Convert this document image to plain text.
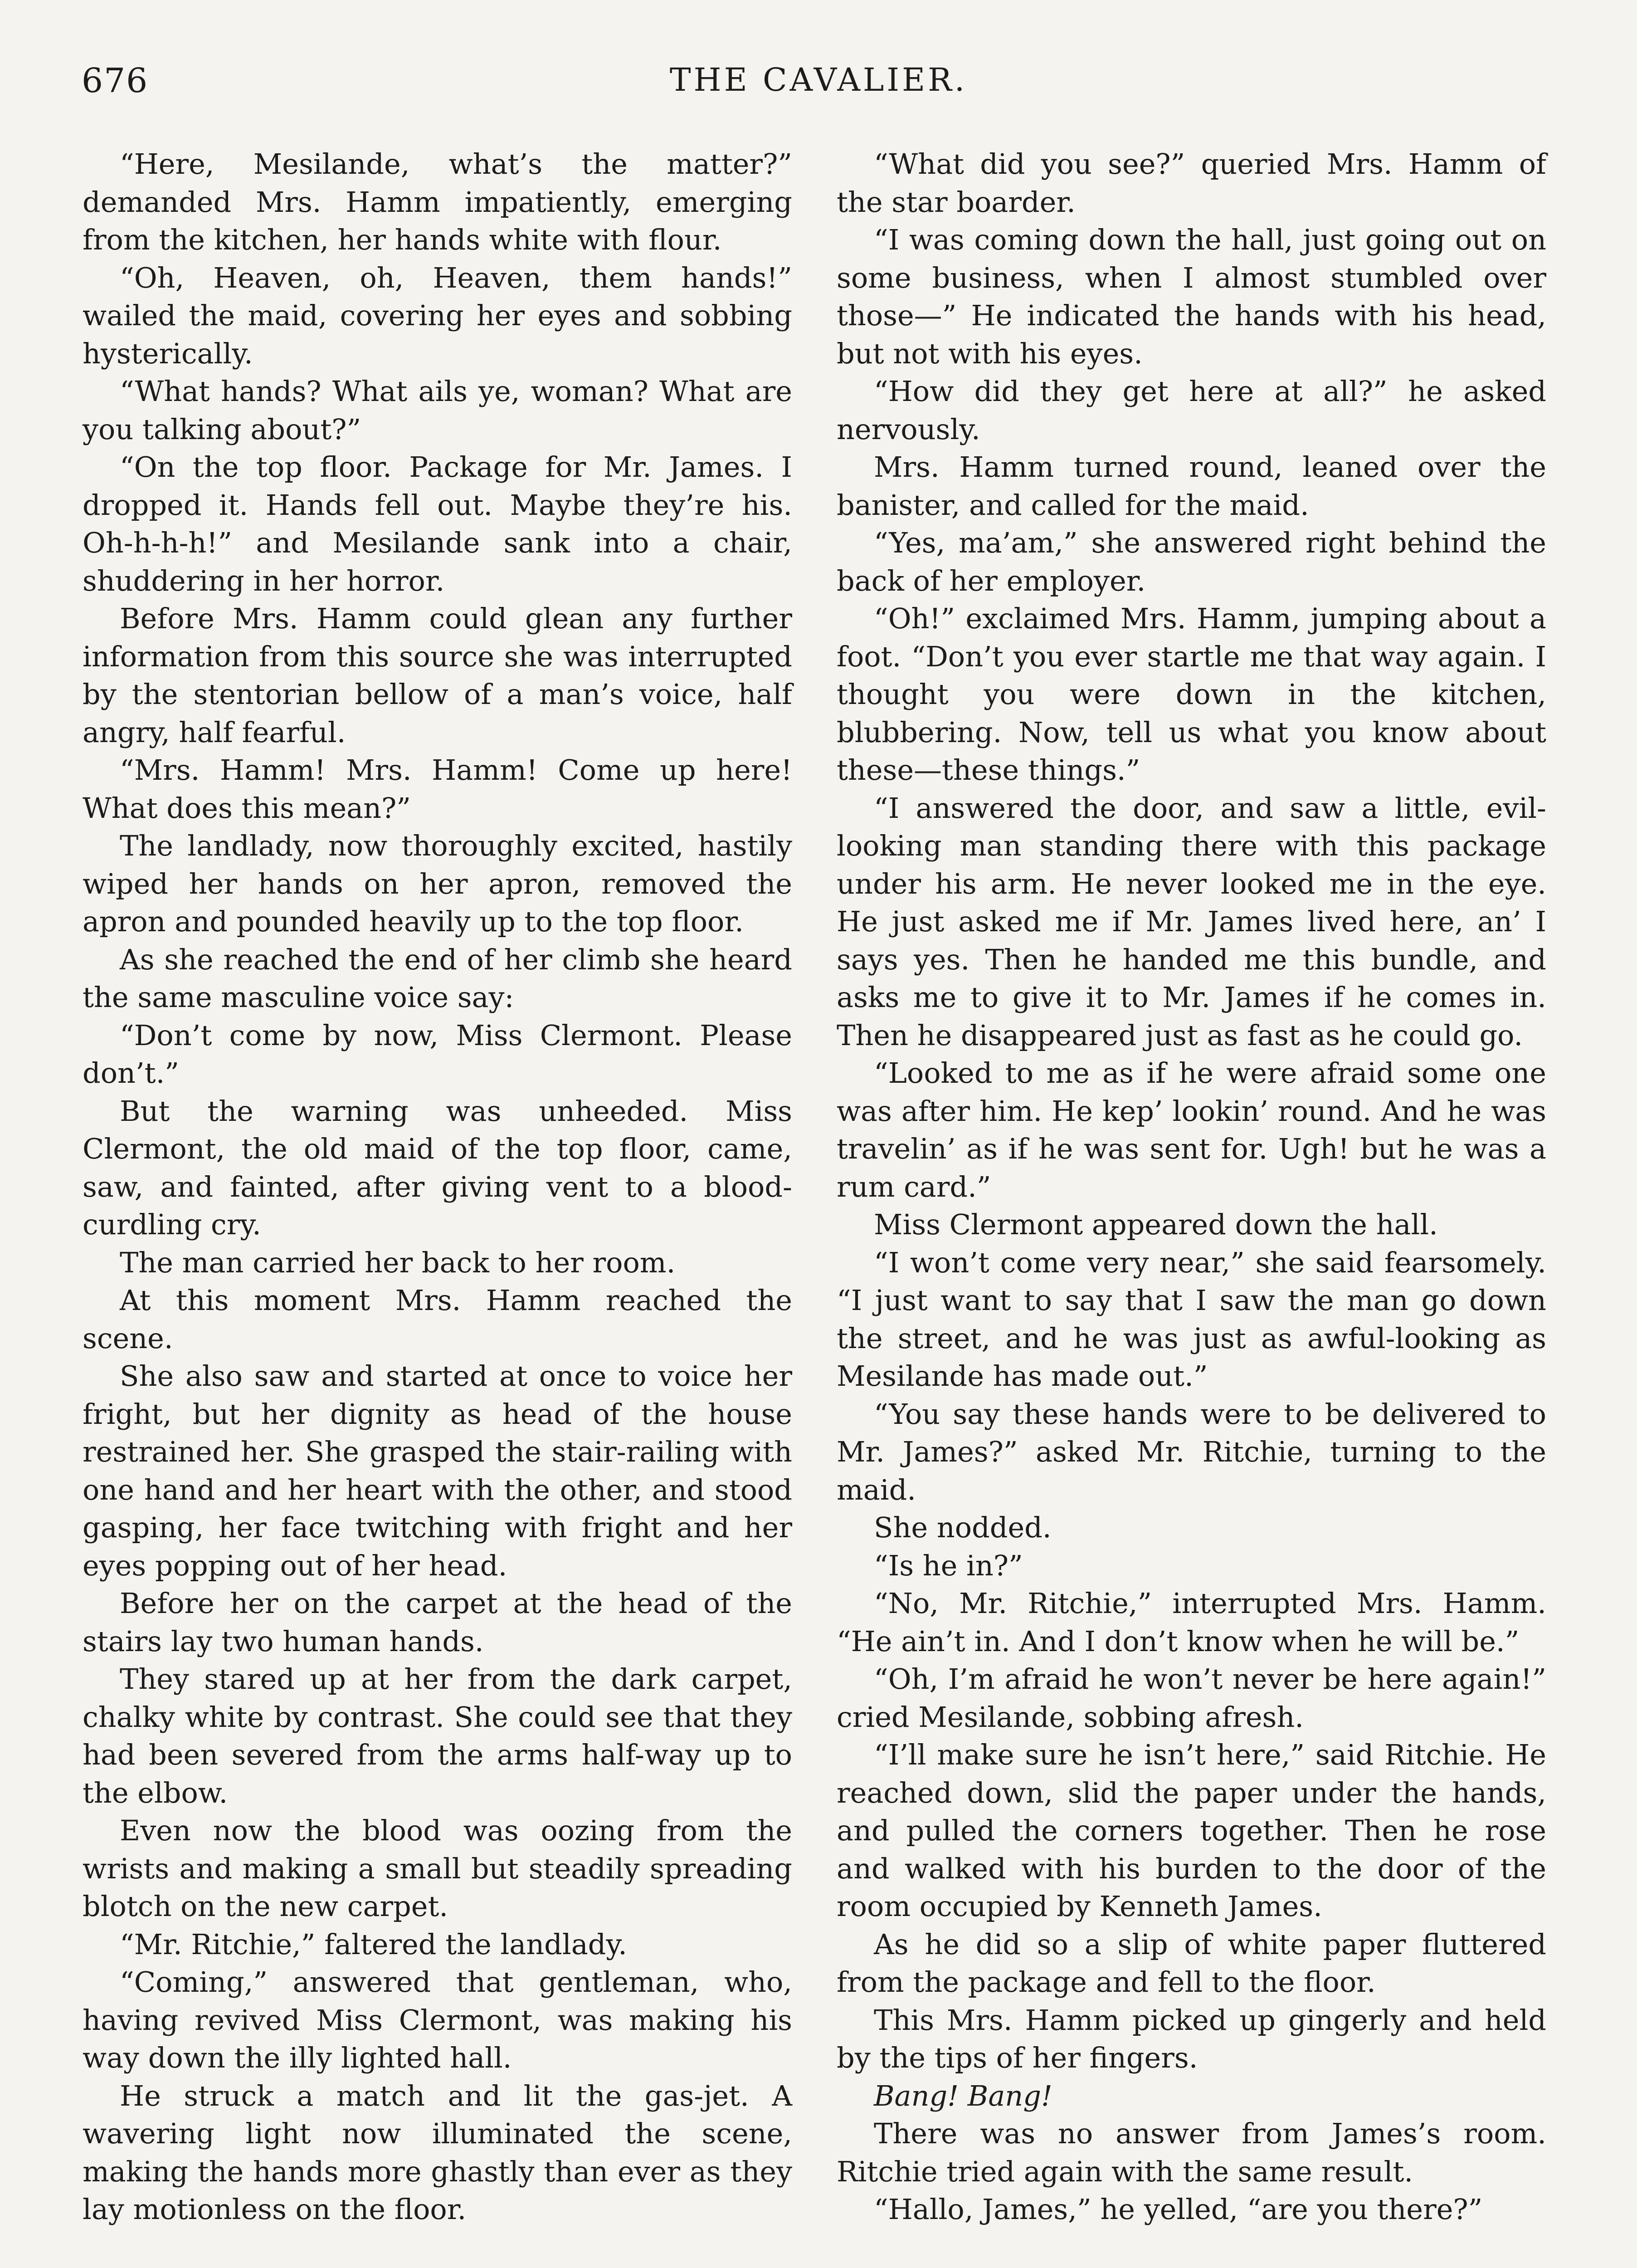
676	THE CAVALIER.

“Here, Mesilande, what’s the matter?” demanded Mrs. Hamm impatiently, emerging from the kitchen, her hands white with flour.

“Oh, Heaven, oh, Heaven, them hands!” wailed the maid, covering her eyes and sobbing hysterically.

“What hands? What ails ye, woman? What are you talking about?”

“On the top floor. Package for Mr. James. I dropped it. Hands fell out. Maybe they’re his. Oh-h-h-h!” and Mesilande sank into a chair, shuddering in her horror.

Before Mrs. Hamm could glean any further information from this source she was interrupted by the stentorian bellow of a man’s voice, half angry, half fearful.

“Mrs. Hamm! Mrs. Hamm! Come up here! What does this mean?”

The landlady, now thoroughly excited, hastily wiped her hands on her apron, removed the apron and pounded heavily up to the top floor.

As she reached the end of her climb she heard the same masculine voice say:

“Don’t come by now, Miss Clermont. Please don’t.”

But the warning was unheeded. Miss Clermont, the old maid of the top floor, came, saw, and fainted, after giving vent to a blood-curdling cry.

The man carried her back to her room.

At this moment Mrs. Hamm reached the scene.

She also saw and started at once to voice her fright, but her dignity as head of the house restrained her. She grasped the stair-railing with one hand and her heart with the other, and stood gasping, her face twitching with fright and her eyes popping out of her head.

Before her on the carpet at the head of the stairs lay two human hands.

They stared up at her from the dark carpet, chalky white by contrast. She could see that they had been severed from the arms half-way up to the elbow.

Even now the blood was oozing from the wrists and making a small but steadily spreading blotch on the new carpet.

“Mr. Ritchie,” faltered the landlady.

“Coming,” answered that gentleman, who, having revived Miss Clermont, was making his way down the illy lighted hall.

He struck a match and lit the gas-jet. A wavering light now illuminated the scene, making the hands more ghastly than ever as they lay motionless on the floor.

“What did you see?” queried Mrs. Hamm of the star boarder.

“I was coming down the hall, just going out on some business, when I almost stumbled over those—” He indicated the hands with his head, but not with his eyes.

“How did they get here at all?” he asked nervously.

Mrs. Hamm turned round, leaned over the banister, and called for the maid.

“Yes, ma’am,” she answered right behind the back of her employer.

“Oh!” exclaimed Mrs. Hamm, jumping about a foot. “Don’t you ever startle me that way again. I thought you were down in the kitchen, blubbering. Now, tell us what you know about these—these things.”

“I answered the door, and saw a little, evil-looking man standing there with this package under his arm. He never looked me in the eye. He just asked me if Mr. James lived here, an’ I says yes. Then he handed me this bundle, and asks me to give it to Mr. James if he comes in. Then he disappeared just as fast as he could go.

“Looked to me as if he were afraid some one was after him. He kep’ lookin’ round. And he was travelin’ as if he was sent for. Ugh! but he was a rum card.”

Miss Clermont appeared down the hall.

“I won’t come very near,” she said fearsomely. “I just want to say that I saw the man go down the street, and he was just as awful-looking as Mesilande has made out.”

“You say these hands were to be delivered to Mr. James?” asked Mr. Ritchie, turning to the maid.

She nodded.

“Is he in?”

“No, Mr. Ritchie,” interrupted Mrs. Hamm. “He ain’t in. And I don’t know when he will be.”

“Oh, I’m afraid he won’t never be here again!” cried Mesilande, sobbing afresh.

“I’ll make sure he isn’t here,” said Ritchie. He reached down, slid the paper under the hands, and pulled the corners together. Then he rose and walked with his burden to the door of the room occupied by Kenneth James.

As he did so a slip of white paper fluttered from the package and fell to the floor.

This Mrs. Hamm picked up gingerly and held by the tips of her fingers.

Bang! Bang!

There was no answer from James’s room. Ritchie tried again with the same result.

“Hallo, James,” he yelled, “are you there?”
